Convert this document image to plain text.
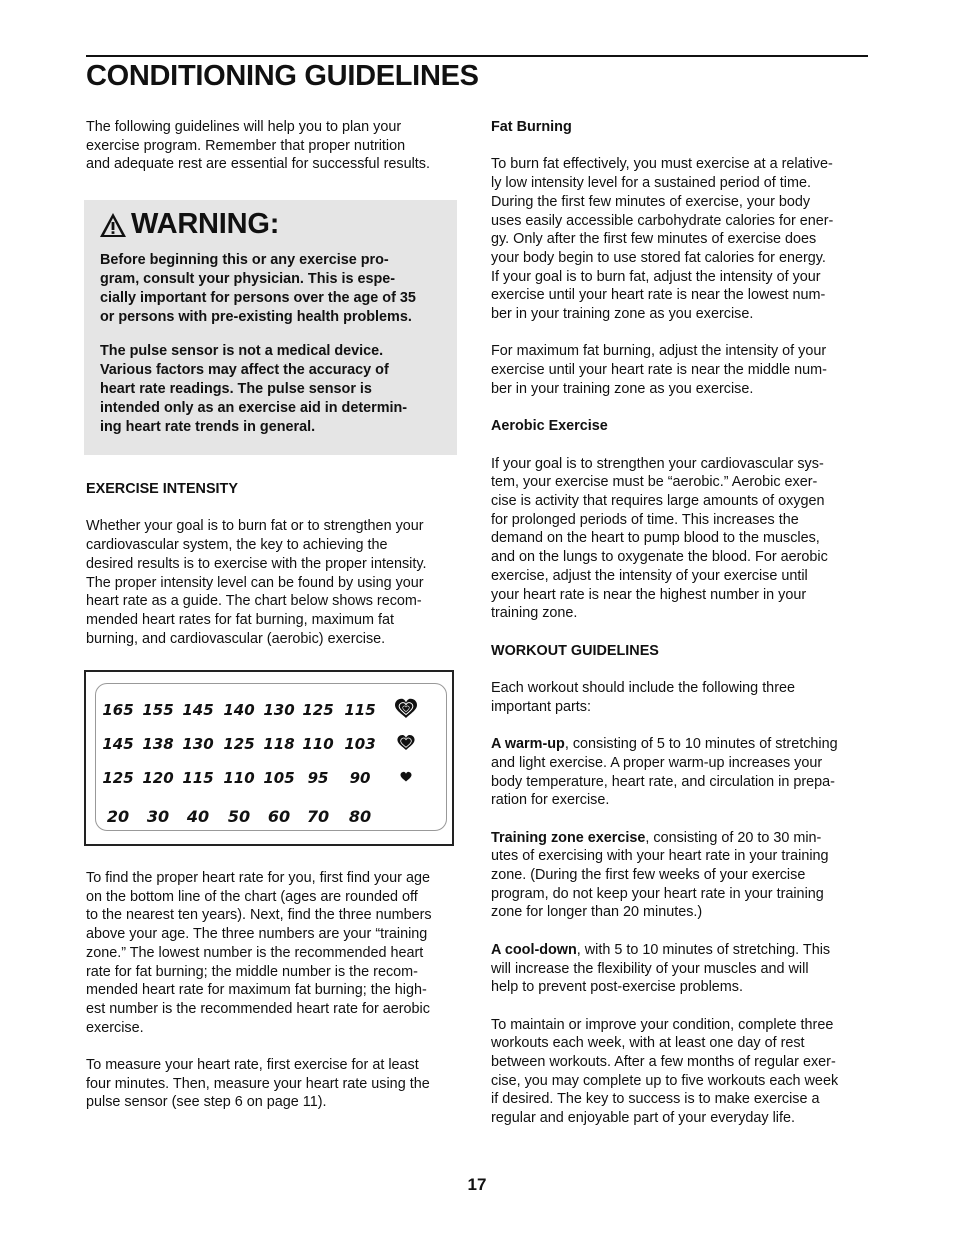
CONDITIONING GUIDELINES

The following guidelines will help you to plan your
exercise program. Remember that proper nutrition
and adequate rest are essential for successful results.

WARNING:
Before beginning this or any exercise pro-
gram, consult your physician. This is espe-
cially important for persons over the age of 35
or persons with pre-existing health problems.
The pulse sensor is not a medical device.
Various factors may affect the accuracy of
heart rate readings. The pulse sensor is
intended only as an exercise aid in determin-
ing heart rate trends in general.

EXERCISE INTENSITY

Whether your goal is to burn fat or to strengthen your
cardiovascular system, the key to achieving the
desired results is to exercise with the proper intensity.
The proper intensity level can be found by using your
heart rate as a guide. The chart below shows recom-
mended heart rates for fat burning, maximum fat
burning, and cardiovascular (aerobic) exercise.

165 155 145 140 130 125 115
145 138 130 125 118 110 103
125 120 115 110 105 95 90
20 30 40 50 60 70 80

To find the proper heart rate for you, first find your age
on the bottom line of the chart (ages are rounded off
to the nearest ten years). Next, find the three numbers
above your age. The three numbers are your “training
zone.” The lowest number is the recommended heart
rate for fat burning; the middle number is the recom-
mended heart rate for maximum fat burning; the high-
est number is the recommended heart rate for aerobic
exercise.

To measure your heart rate, first exercise for at least
four minutes. Then, measure your heart rate using the
pulse sensor (see step 6 on page 11).

Fat Burning

To burn fat effectively, you must exercise at a relative-
ly low intensity level for a sustained period of time.
During the first few minutes of exercise, your body
uses easily accessible carbohydrate calories for ener-
gy. Only after the first few minutes of exercise does
your body begin to use stored fat calories for energy.
If your goal is to burn fat, adjust the intensity of your
exercise until your heart rate is near the lowest num-
ber in your training zone as you exercise.

For maximum fat burning, adjust the intensity of your
exercise until your heart rate is near the middle num-
ber in your training zone as you exercise.

Aerobic Exercise

If your goal is to strengthen your cardiovascular sys-
tem, your exercise must be “aerobic.” Aerobic exer-
cise is activity that requires large amounts of oxygen
for prolonged periods of time. This increases the
demand on the heart to pump blood to the muscles,
and on the lungs to oxygenate the blood. For aerobic
exercise, adjust the intensity of your exercise until
your heart rate is near the highest number in your
training zone.

WORKOUT GUIDELINES

Each workout should include the following three
important parts:

A warm-up, consisting of 5 to 10 minutes of stretching
and light exercise. A proper warm-up increases your
body temperature, heart rate, and circulation in prepa-
ration for exercise.

Training zone exercise, consisting of 20 to 30 min-
utes of exercising with your heart rate in your training
zone. (During the first few weeks of your exercise
program, do not keep your heart rate in your training
zone for longer than 20 minutes.)

A cool-down, with 5 to 10 minutes of stretching. This
will increase the flexibility of your muscles and will
help to prevent post-exercise problems.

To maintain or improve your condition, complete three
workouts each week, with at least one day of rest
between workouts. After a few months of regular exer-
cise, you may complete up to five workouts each week
if desired. The key to success is to make exercise a
regular and enjoyable part of your everyday life.

17
